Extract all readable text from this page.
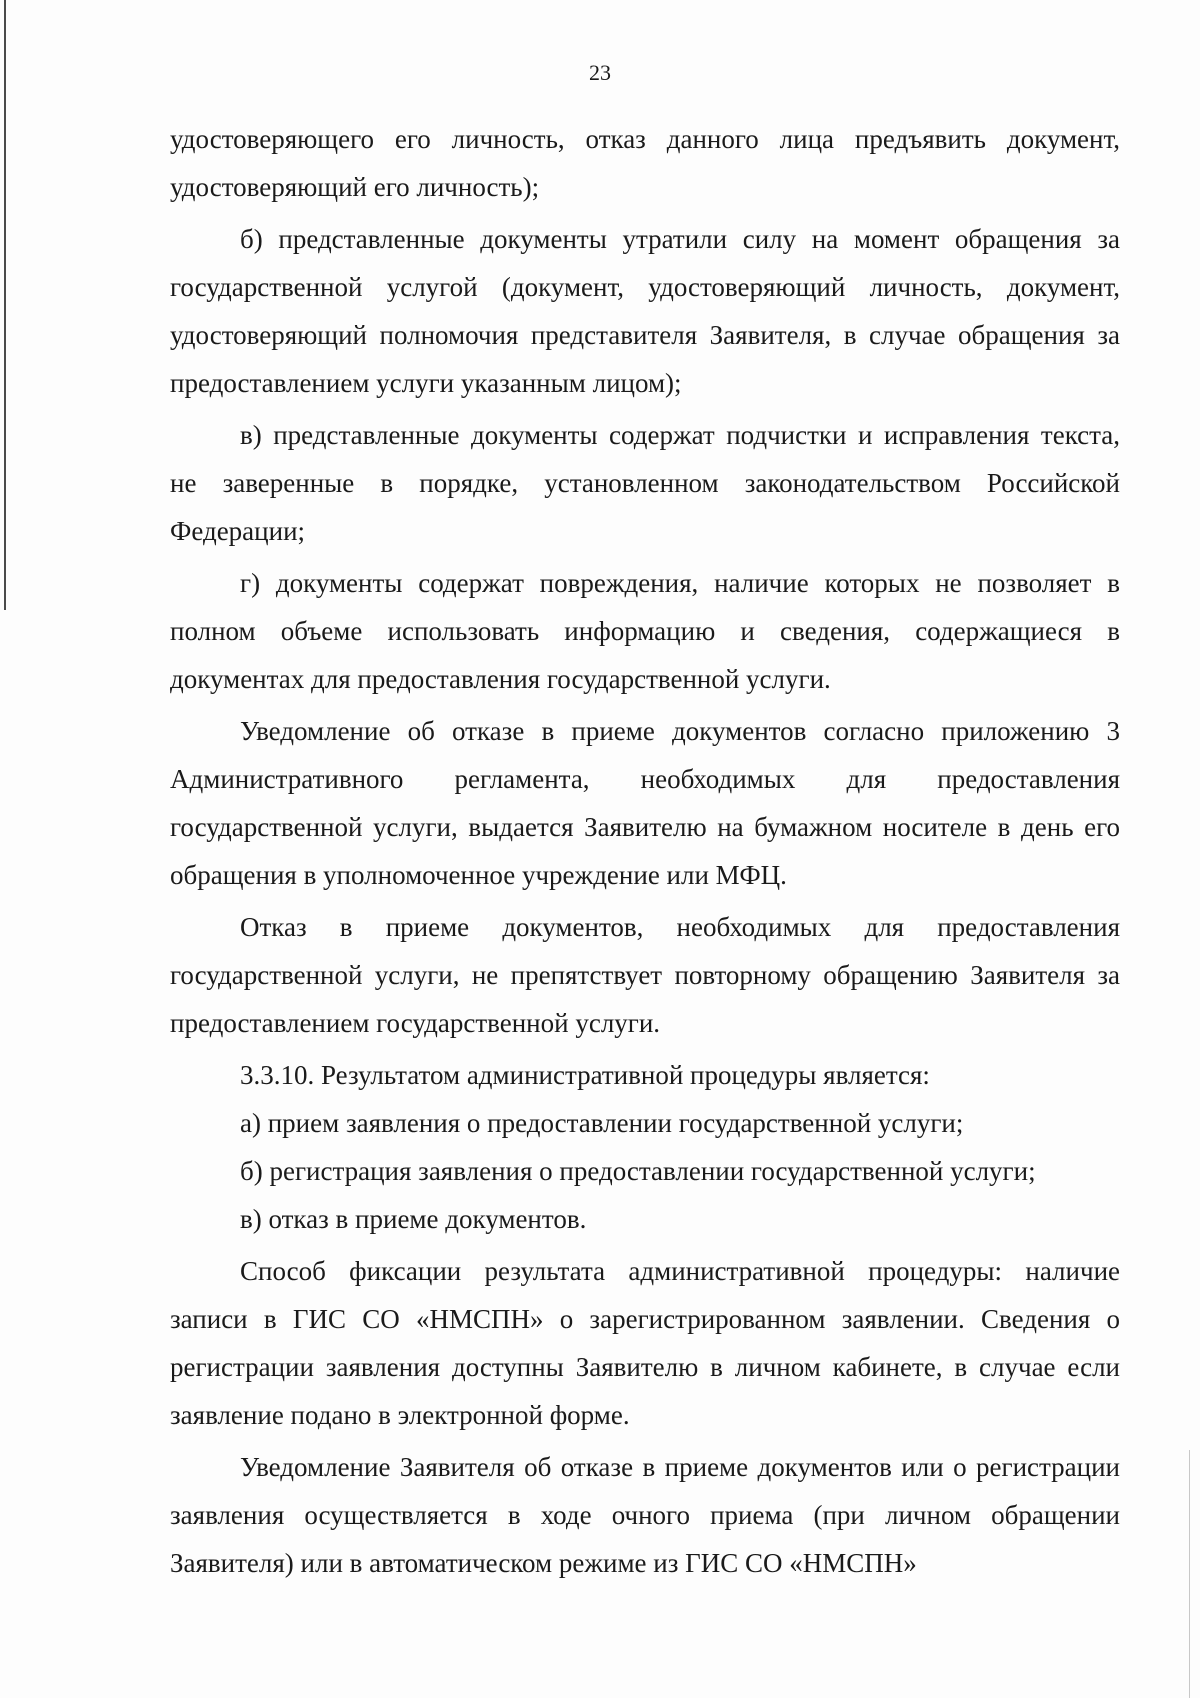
23

удостоверяющего его личность, отказ данного лица предъявить документ, удостоверяющий его личность);

б) представленные документы утратили силу на момент обращения за государственной услугой (документ, удостоверяющий личность, документ, удостоверяющий полномочия представителя Заявителя, в случае обращения за предоставлением услуги указанным лицом);

в) представленные документы содержат подчистки и исправления текста, не заверенные в порядке, установленном законодательством Российской Федерации;

г) документы содержат повреждения, наличие которых не позволяет в полном объеме использовать информацию и сведения, содержащиеся в документах для предоставления государственной услуги.

Уведомление об отказе в приеме документов согласно приложению 3 Административного регламента, необходимых для предоставления государственной услуги, выдается Заявителю на бумажном носителе в день его обращения в уполномоченное учреждение или МФЦ.

Отказ в приеме документов, необходимых для предоставления государственной услуги, не препятствует повторному обращению Заявителя за предоставлением государственной услуги.

3.3.10. Результатом административной процедуры является:

а) прием заявления о предоставлении государственной услуги;

б) регистрация заявления о предоставлении государственной услуги;

в) отказ в приеме документов.

Способ фиксации результата административной процедуры: наличие записи в ГИС СО «НМСПН» о зарегистрированном заявлении. Сведения о регистрации заявления доступны Заявителю в личном кабинете, в случае если заявление подано в электронной форме.

Уведомление Заявителя об отказе в приеме документов или о регистрации заявления осуществляется в ходе очного приема (при личном обращении Заявителя) или в автоматическом режиме из ГИС СО «НМСПН»
